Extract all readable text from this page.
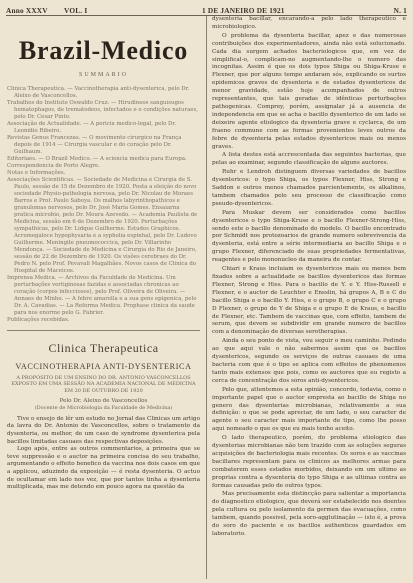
Anno XXXV VOL. I	1 DE JANEIRO DE 1921	N. 1
Brazil-Medico
SUMMARIO

Clinica Therapeutica. — Vaccinotherapia anti-dysenterica, pelo Dr. Aleixo de Vasconcellos.

Trabalhos do Instituto Oswaldo Cruz. — Hirudineos sanguisugos hematophagos, de trematodeos, infectados e o condições naturaes, pelo Dr. Cesar Pinto.

Associação de Actualidade. — A pericia medico-legal, pelo Dr. Leonidio Ribeiro.

Revistas Genus Francezas. — O movimento cirurgico na França depois de 1914 — Cirurgia vascular e do coração pelo Dr. Guilhaum.

Editoriaes. — O Brazil Medico. — A sciencia medica para Europa.

Correspondencia de Porto Alegre.

Notas e Informações.

Associações Scientificas. — Sociedade de Medicina e Cirurgia de S. Paulo, sessão de 15 de Dezembro de 1920. Posta a eleição do novo sociedade Physio-pathologia nervosa, pelo Dr. Nicolau de Moraes Barros e Prof. Paulo Saboya. Os malhos labyrinthopathicos e granulomas nervosos, pelo Dr. José Maria Gomes. Ensaiarna pratica microbio, pelo Dr. Moura Azevedo. — Academia Paulista de Medicina, sessão em 6 de Dezembro de 1920. Perturbações sympathicas, pelo Dr. Lidque Guilherme. Estudos Graphicos. Acromegaloce hypophysaria e a sypholia espinhal, pelo Dr. Ludovo Guilherme. Meningite pneumococcica, pelo Dr. Villarinho Mendonça. — Sociedade de Medicina e Cirurgia do Rio de Janeiro, sessão de 22 de Dezembro de 1920. Os visões cerebraes do Dr. Pedro N. pelo Prof. Pevavali Magalhães. Novos casos de Clinica do Hospital de Maceicos.

Imprensa Medica. — Archivos da Faculdade de Medicina. Um perturbações vertiginosas fazidas e associadas chronicas ao coração (corpos infecciosos), pelo Prof. Oliveira de Oliveira. — Annaes do Minho. — A febre amarella e a sua gens epigenica, pelo Dr. A. Cavadias. — La Reforma Medica. Prophase clinica da saude para nos enorme pelo G. Fabrier.

Publicações recebidas.

Clinica Therapeutica
VACCINOTHERAPIA ANTI-DYSENTERICA
A PROPOSITO DE UM ENSINO DO DR. ANTONIO VASCONCELLOS EXPOSTO EM UMA SESSÃO NA ACADEMIA NACIONAL DE MEDICINA EM 20 DE OUTUBRO DE 1920
Pelo Dr. Aleixo de Vasconcellos
(Docente de Microbiologia da Faculdade de Medicina)

Tive o ensejo de lêr um estudo no Jornal das Clinicas um artigo da lavra do Dr. Antonio de Vasconcellos, sobre o tratamento da dysenteria, ou melhor, de um caso de syndrome dysenterica pela bacillos limitadas casuaes das respectivas deposições.

Logo após, entre as outros commentarios, a primeira que se teve suppressão e o auctor na primeira concisa do seu trabalho, argumentando o effeito benefico da vaccina nos dois casos em que a applicou, aduzindo da exposição — é resta dysenteria. O actuo de ocultamar em lado nos vez, que por tantos tinha a dysenteria multiplicada, mas me detendo em pouco agora na questão da

dysenteria bacillar, encarando-a pelo lado therapeutico e microbiologico.

O problema da dysenteria bacillar, apez e das numerosas contribuições dos experimentadores, ainda não está solucionado. Cada dia surgem achados bacteriologicos que, em vez de simplifical-o, complicam-no augmentando-lhe o numero das incognitas. Assim é que os dois typos Shiga ou Shiga-Kruse e Flexner, que por alguns tempo andaram sós, explicando os surtos epidemicos graves de dysenteria e de estados dysentericos de menor gravidade, estão hoje acompanhados de outros representantes, que tais geradas de idênticas perturbações pathogenicas. Comprey, porém, assignalar já a ausencia de independencia em que se acha o bacillo dysenterico de um lado se deixeire agente etiologico da dysenteria grave e cyclarca, de um fraeno commune com as formas provenientes leves outros da febre de dysenteria pelas estados dysentericos mais ou menos graves.

A lista destes está accrescentada das seguintes bacterias, que pelas ao examinar, segundo classificação de alguns auctores.

Ruhr e Lendroh distinguem diversas variedades de bacillos dysentericos: o typo Shiga, os typos Flexner, Hiss, Strong e Saddon e outros menos chamados parcientemente, os alkalinos, tambem chamados pelo seu processo de classificação como pseudo-dysentericos.

Para Muskar devem ser considerados como bacillos dysentericos o typo Shiga-Kruse e o bacillo Flexner-Strong-Hiss, sendo este o bacillo denominado do modelo. O bacillo encontrado por Schmidt nos protozoarios de grande numero sobrevivencia da dysenteria, está entre a série intermediaria ao bacillo Shiga e o grupo Flexner, diferenciado de suas propriedades fermentativas, reagentes e pelo mononucleo da maneira de contar.

Chiari e Kraus incluiam os dysentericos mais ou menos bem fixados sobre a actualidade os bacillos dysentericos das formas Flexner, Strong e Hiss. Para o bacillo de Y. e Y. Hiss-Russell e Flexner, e o auctor de Leuchter e Ensslin, há grupos A, B e C do bacillo Shiga e o bacillo Y. Hiss, e o grupo B, o grupo C e o grupo D Flexner, o grupo de Y de Shiga e o grupo E de Kraus, e bacillo de Flexner, etc. Tambem de vaccinas que, com effeito, tambem de serum, que devem se subdividir em grande numero de bacillos com a denominação de diversas serotherapias.

Ainda o seu ponto de vista, vou seguir o meu caminho. Pedindo ao que aqui vale o não sabermos assim que os bacillos dysentericos, segundo os serviços de outras casuaes de uma bacteria com que é o tipo se aplica com effeitos de phenomenos tanto mais extensos que pois, como os auctores que eu registo a cerca de concentração dos soros anti-dysentericos.

Pelo que, attentemos a esta opinião, concordo, todavia, como o importante papel que o auctor empresta ao bacillo de Shiga no genero das dysenterias microbianas, relativamente a sua definição: o que se pode apreciar, de um lado, o seu caracter de agente o seu caracter mais importante de tipo, como lhe posso aqui nomeado o que os que eu mais tenho aceito.

O lado therapeutico, porém, do problema etiologico das dysenterias microbianas não tem trazido com as soluções seguras acquisições de bacteriologia mais recentes. Os soros e as vaccinas bacillares representam para os clinicos as melhores armas para combaterem esses estados morbidos, deixando em um ultimo as proprias contra a dysenteria do typo Shiga e as ultimas contra as formas causadas pelo de outros typos.

Mas precisamente esta distincção para salientar a importancia do diagnostico etiologico, que deverá ser estabelecido nos doentes pela cultura ou pelo isolamento da germen das evacuações, como tambem, quando possivel, pela soro-agglutinação — isto é, a prova do soro do paciente e os bacillos authenticos guardados em laboratorio.
